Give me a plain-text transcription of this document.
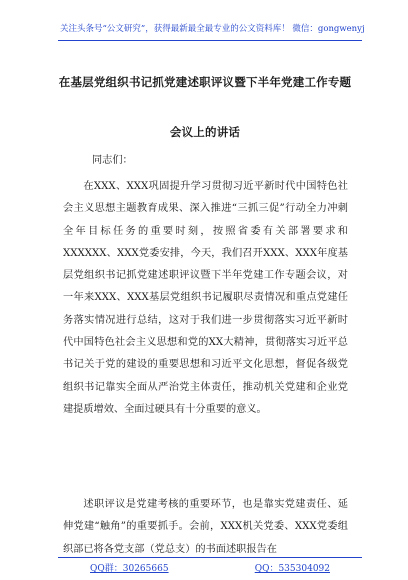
关注头条号“公文研究”，获得最新最全最专业的公文资料库！ 微信：gongwenyj
在基层党组织书记抓党建述职评议暨下半年党建工作专题
会议上的讲话
同志们：
在XXX、XXX巩固提升学习贯彻习近平新时代中国特色社会主义思想主题教育成果、深入推进“三抓三促”行动全力冲刺全年目标任务的重要时刻，按照省委有关部署要求和XXXXXX、XXX党委安排，今天，我们召开XXX、XXX年度基层党组织书记抓党建述职评议暨下半年党建工作专题会议，对一年来XXX、XXX基层党组织书记履职尽责情况和重点党建任务落实情况进行总结，这对于我们进一步贯彻落实习近平新时代中国特色社会主义思想和党的XX大精神，贯彻落实习近平总书记关于党的建设的重要思想和习近平文化思想，督促各级党组织书记靠实全面从严治党主体责任，推动机关党建和企业党建提质增效、全面过硬具有十分重要的意义。
述职评议是党建考核的重要环节，也是靠实党建责任、延伸党建“触角”的重要抓手。会前，XXX机关党委、XXX党委组织部已将各党支部（党总支）的书面述职报告在
QQ群：30265665	QQ：535304092
